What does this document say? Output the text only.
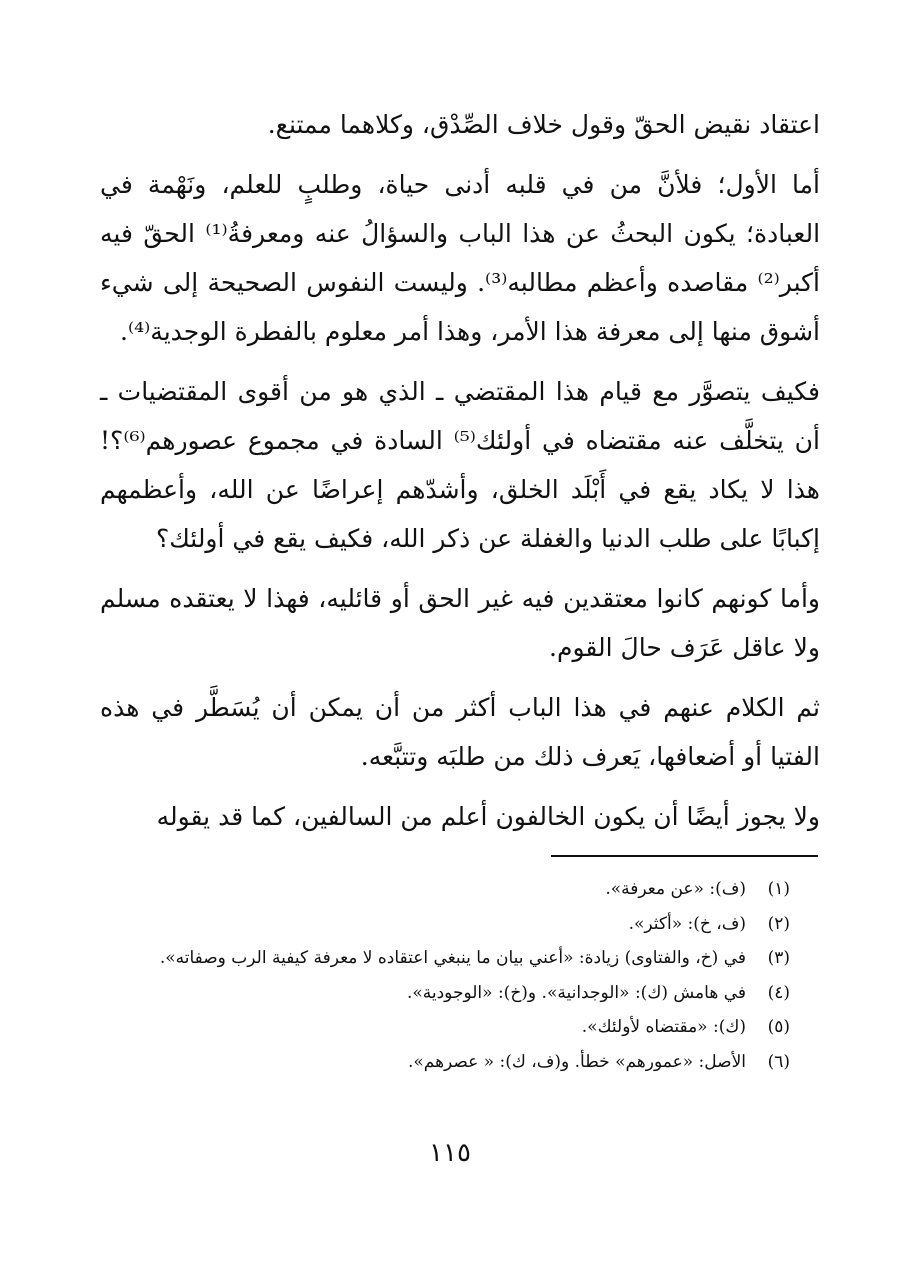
اعتقاد نقيض الحقّ وقول خلاف الصِّدْق، وكلاهما ممتنع.

أما الأول؛ فلأنَّ من في قلبه أدنى حياة، وطلبٍ للعلم، ونَهْمة في العبادة؛ يكون البحثُ عن هذا الباب والسؤالُ عنه ومعرفةُ⁽¹⁾ الحقّ فيه أكبر⁽²⁾ مقاصده وأعظم مطالبه⁽³⁾. وليست النفوس الصحيحة إلى شيء أشوق منها إلى معرفة هذا الأمر، وهذا أمر معلوم بالفطرة الوجدية⁽⁴⁾.

فكيف يتصوَّر مع قيام هذا المقتضي ـ الذي هو من أقوى المقتضيات ـ أن يتخلَّف عنه مقتضاه في أولئك⁽⁵⁾ السادة في مجموع عصورهم⁽⁶⁾؟! هذا لا يكاد يقع في أَبْلَد الخلق، وأشدّهم إعراضًا عن الله، وأعظمهم إكبابًا على طلب الدنيا والغفلة عن ذكر الله، فكيف يقع في أولئك؟

وأما كونهم كانوا معتقدين فيه غير الحق أو قائليه، فهذا لا يعتقده مسلم ولا عاقل عَرَف حالَ القوم.

ثم الكلام عنهم في هذا الباب أكثر من أن يمكن أن يُسَطَّر في هذه الفتيا أو أضعافها، يَعرف ذلك من طلبَه وتتبَّعه.

ولا يجوز أيضًا أن يكون الخالفون أعلم من السالفين، كما قد يقوله

(١)
(ف): «عن معرفة».
(٢)
(ف، خ): «أكثر».
(٣)
في (خ، والفتاوى) زيادة: «أعني بيان ما ينبغي اعتقاده لا معرفة كيفية الرب وصفاته».
(٤)
في هامش (ك): «الوجدانية». و(خ): «الوجودية».
(٥)
(ك): «مقتضاه لأولئك».
(٦)
الأصل: «عمورهم» خطأ. و(ف، ك): « عصرهم».
١١٥
